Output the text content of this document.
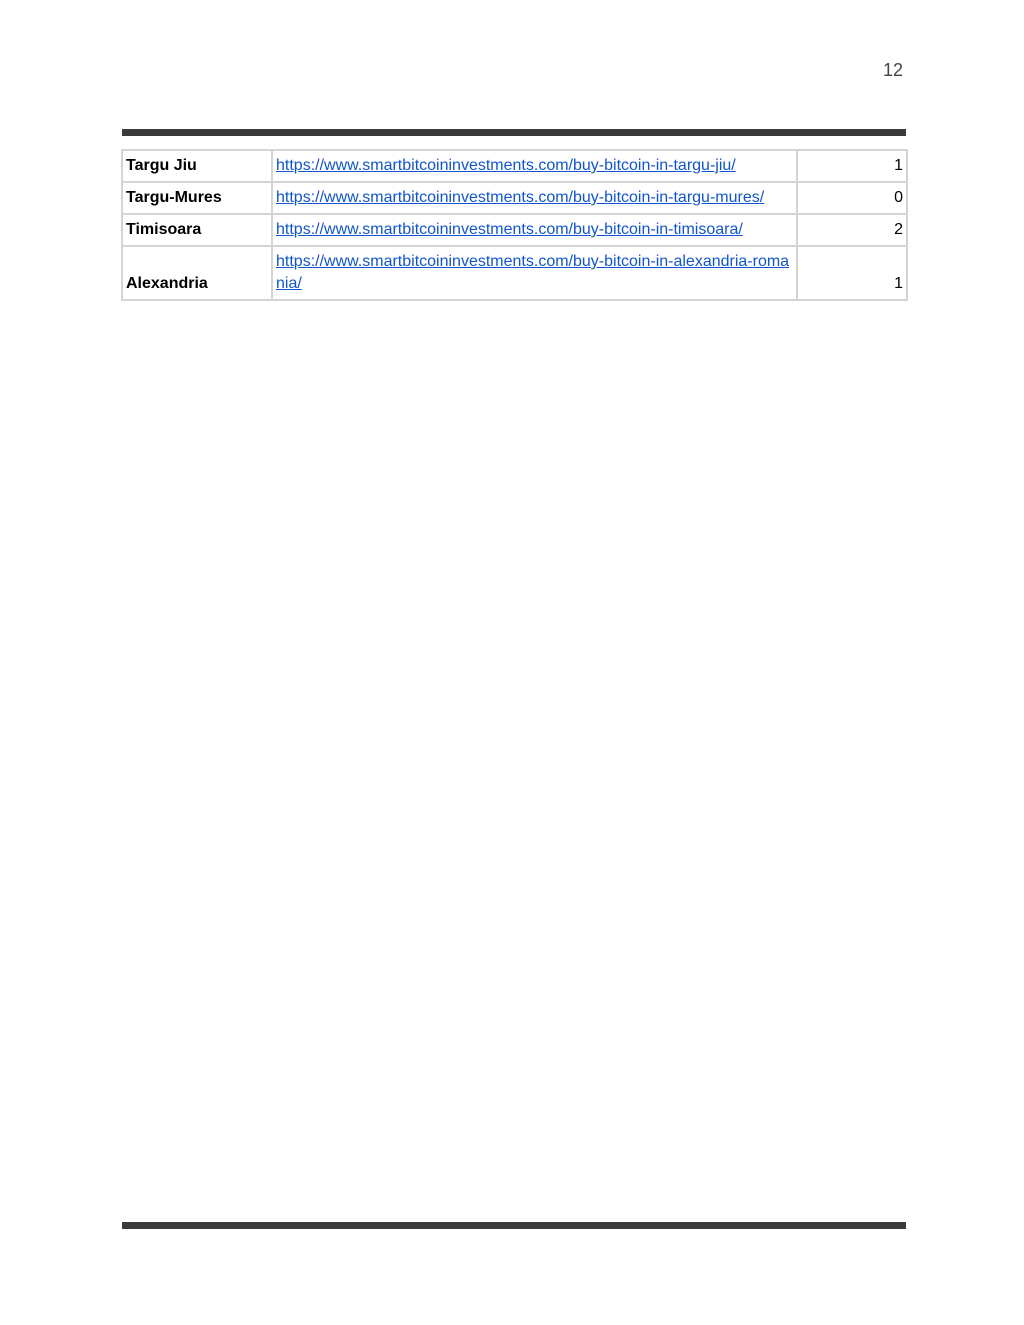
12
Targu Jiu	https://www.smartbitcoininvestments.com/buy-bitcoin-in-targu-jiu/	1
Targu-Mures	https://www.smartbitcoininvestments.com/buy-bitcoin-in-targu-mures/	0
Timisoara	https://www.smartbitcoininvestments.com/buy-bitcoin-in-timisoara/	2
Alexandria	https://www.smartbitcoininvestments.com/buy-bitcoin-in-alexandria-romania/	1
